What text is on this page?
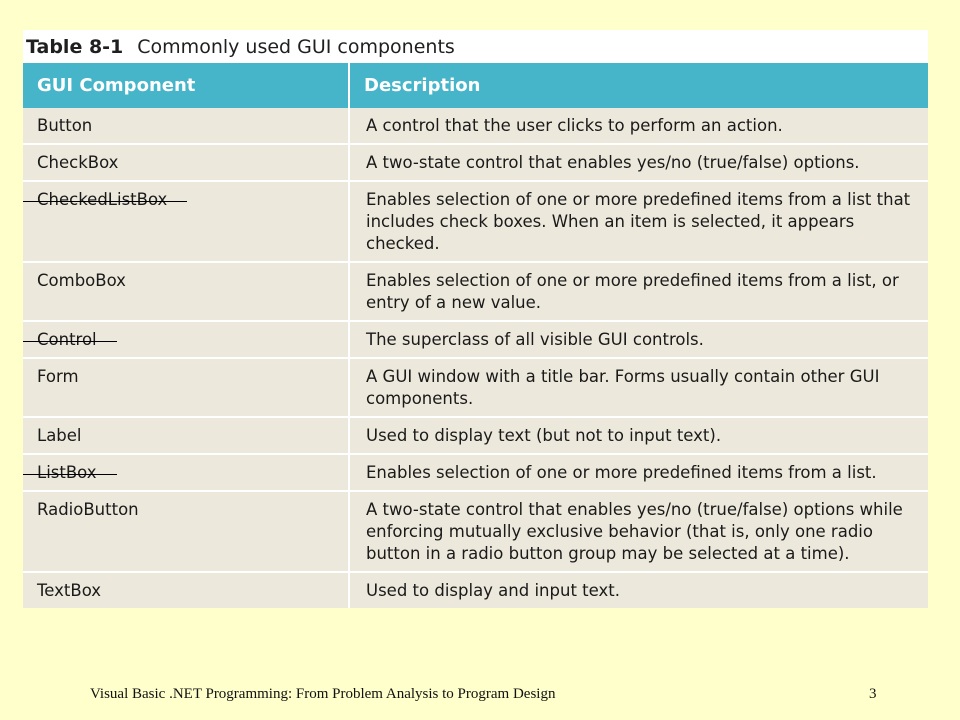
Table 8-1 Commonly used GUI components
GUI Component	Description
Button	A control that the user clicks to perform an action.
CheckBox	A two-state control that enables yes/no (true/false) options.
CheckedListBox	Enables selection of one or more predefined items from a list that includes check boxes. When an item is selected, it appears checked.
ComboBox	Enables selection of one or more predefined items from a list, or entry of a new value.
Control	The superclass of all visible GUI controls.
Form	A GUI window with a title bar. Forms usually contain other GUI components.
Label	Used to display text (but not to input text).
ListBox	Enables selection of one or more predefined items from a list.
RadioButton	A two-state control that enables yes/no (true/false) options while enforcing mutually exclusive behavior (that is, only one radio button in a radio button group may be selected at a time).
TextBox	Used to display and input text.
Visual Basic .NET Programming: From Problem Analysis to Program Design	3
